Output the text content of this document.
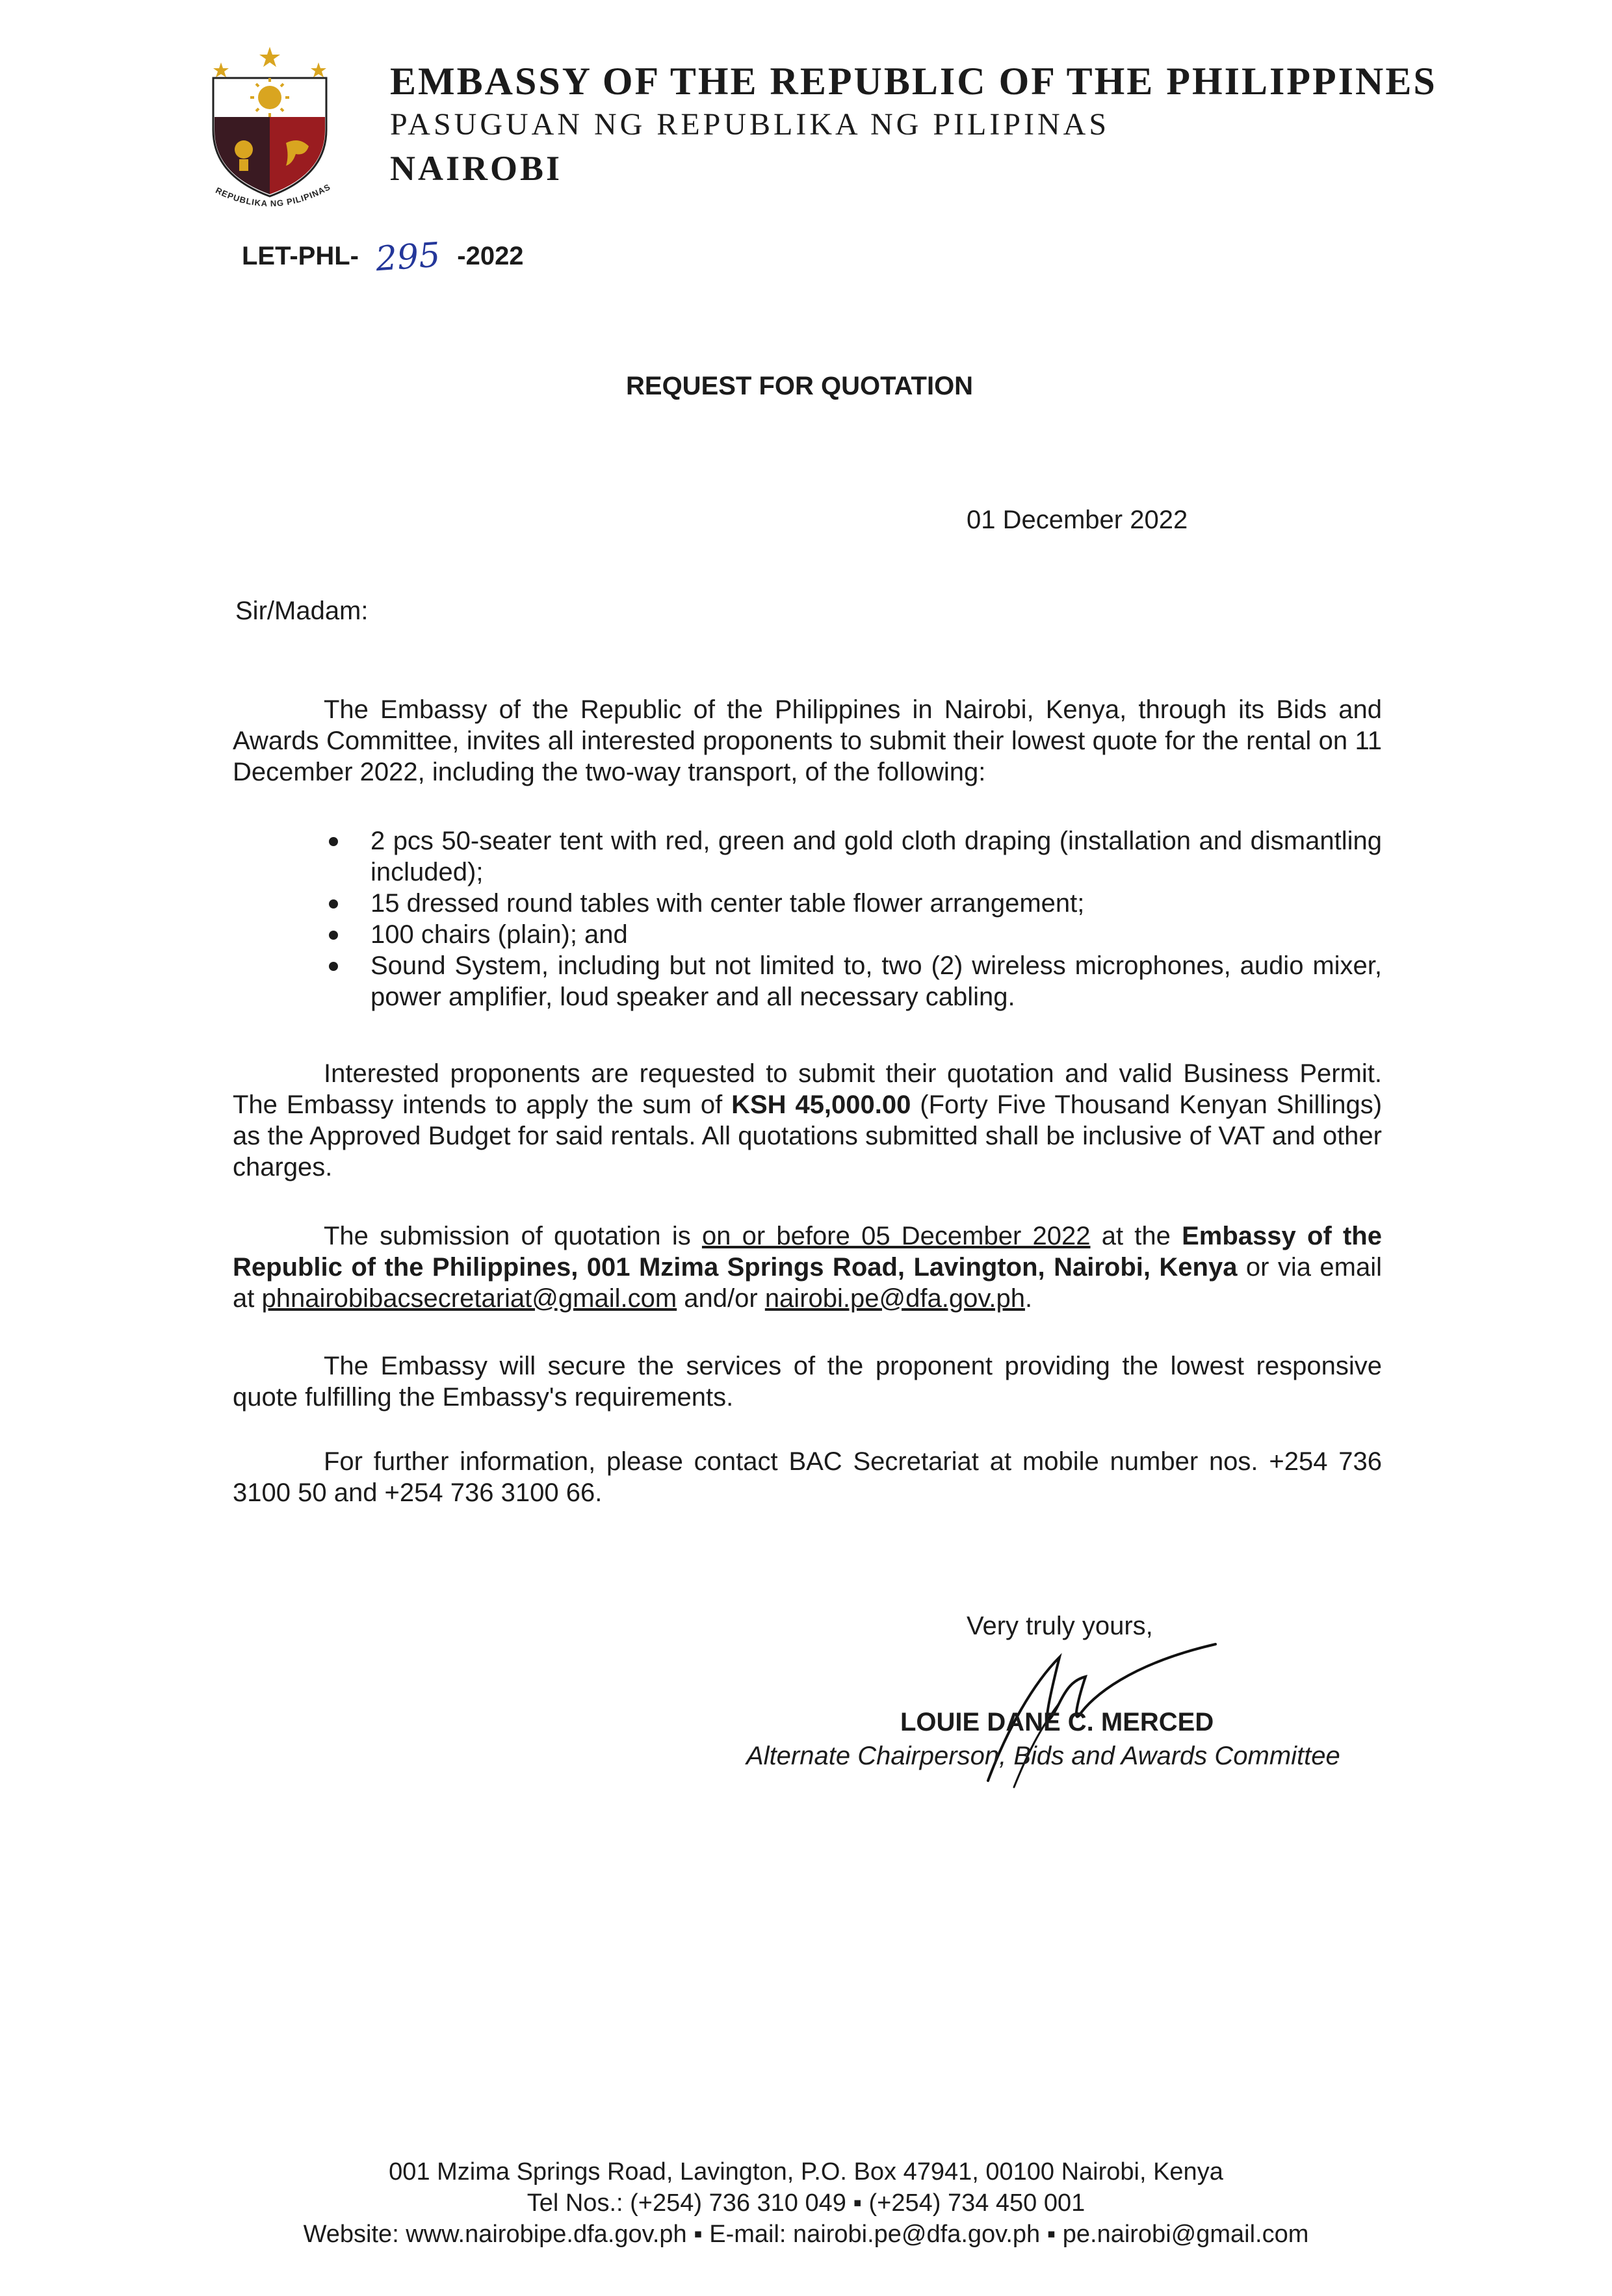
REPUBLIKA NG PILIPINAS
EMBASSY OF THE REPUBLIC OF THE PHILIPPINES
PASUGUAN NG REPUBLIKA NG PILIPINAS
NAIROBI
LET-PHL- 295 -2022
REQUEST FOR QUOTATION
01 December 2022
Sir/Madam:
The Embassy of the Republic of the Philippines in Nairobi, Kenya, through its Bids and Awards Committee, invites all interested proponents to submit their lowest quote for the rental on 11 December 2022, including the two-way transport, of the following:
2 pcs 50-seater tent with red, green and gold cloth draping (installation and dismantling included);
15 dressed round tables with center table flower arrangement;
100 chairs (plain); and
Sound System, including but not limited to, two (2) wireless microphones, audio mixer, power amplifier, loud speaker and all necessary cabling.
Interested proponents are requested to submit their quotation and valid Business Permit. The Embassy intends to apply the sum of KSH 45,000.00 (Forty Five Thousand Kenyan Shillings) as the Approved Budget for said rentals. All quotations submitted shall be inclusive of VAT and other charges.
The submission of quotation is on or before 05 December 2022 at the Embassy of the Republic of the Philippines, 001 Mzima Springs Road, Lavington, Nairobi, Kenya or via email at phnairobibacsecretariat@gmail.com and/or nairobi.pe@dfa.gov.ph.
The Embassy will secure the services of the proponent providing the lowest responsive quote fulfilling the Embassy's requirements.
For further information, please contact BAC Secretariat at mobile number nos. +254 736 3100 50 and +254 736 3100 66.
Very truly yours,
LOUIE DANE C. MERCED
Alternate Chairperson, Bids and Awards Committee
001 Mzima Springs Road, Lavington, P.O. Box 47941, 00100 Nairobi, Kenya
Tel Nos.: (+254) 736 310 049 ▪ (+254) 734 450 001
Website: www.nairobipe.dfa.gov.ph ▪ E-mail: nairobi.pe@dfa.gov.ph ▪ pe.nairobi@gmail.com
